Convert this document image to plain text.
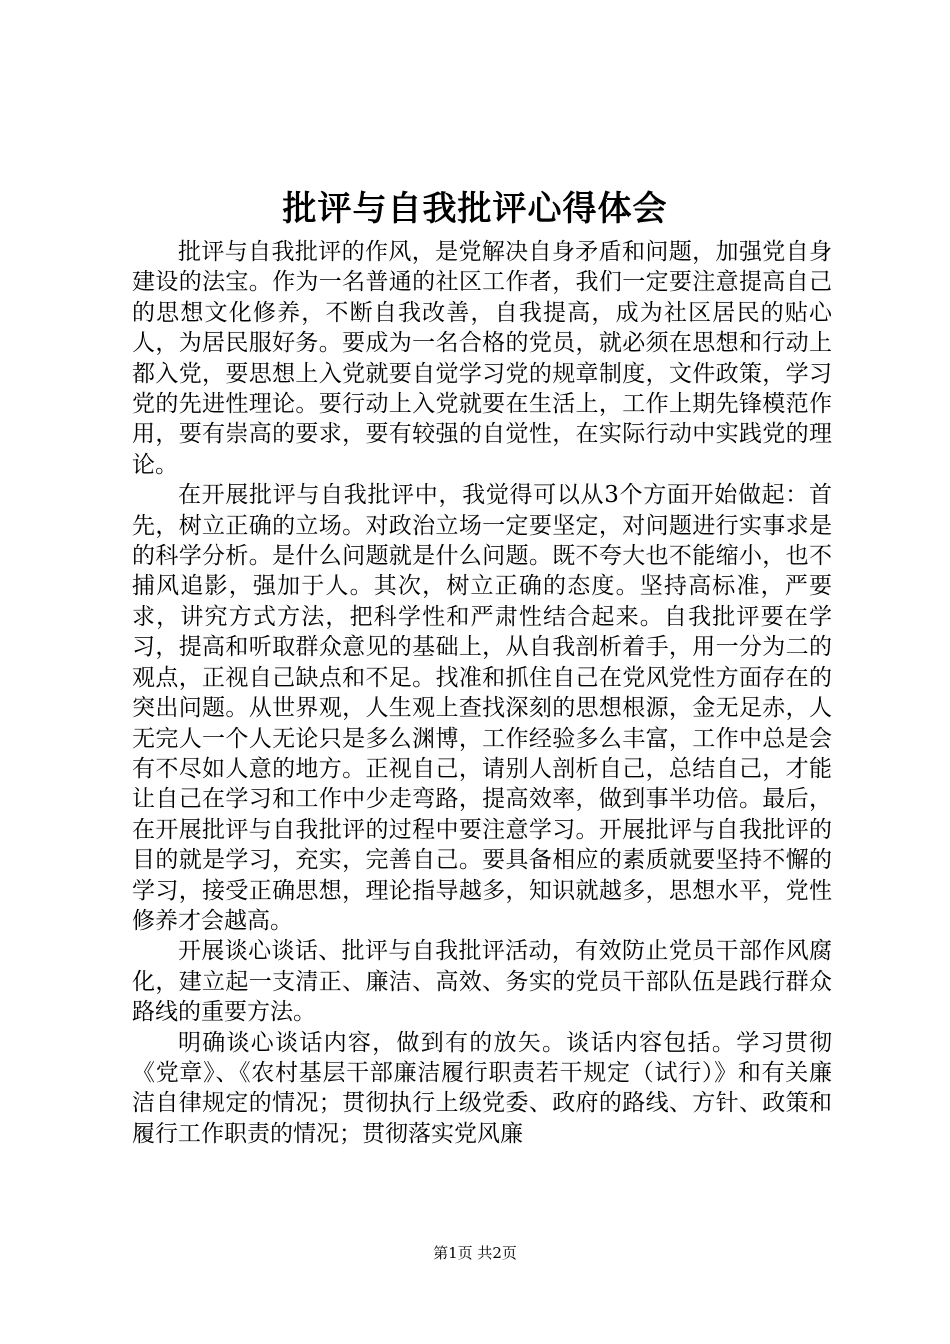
批评与自我批评心得体会

批评与自我批评的作风，是党解决自身矛盾和问题，加强党自身建设的法宝。作为一名普通的社区工作者，我们一定要注意提高自己的思想文化修养，不断自我改善，自我提高，成为社区居民的贴心人，为居民服好务。要成为一名合格的党员，就必须在思想和行动上都入党，要思想上入党就要自觉学习党的规章制度，文件政策，学习党的先进性理论。要行动上入党就要在生活上，工作上期先锋模范作用，要有崇高的要求，要有较强的自觉性，在实际行动中实践党的理论。

在开展批评与自我批评中，我觉得可以从3个方面开始做起：首先，树立正确的立场。对政治立场一定要坚定，对问题进行实事求是的科学分析。是什么问题就是什么问题。既不夸大也不能缩小，也不捕风追影，强加于人。其次，树立正确的态度。坚持高标准，严要求，讲究方式方法，把科学性和严肃性结合起来。自我批评要在学习，提高和听取群众意见的基础上，从自我剖析着手，用一分为二的观点，正视自己缺点和不足。找准和抓住自己在党风党性方面存在的突出问题。从世界观，人生观上查找深刻的思想根源，金无足赤，人无完人一个人无论只是多么渊博，工作经验多么丰富，工作中总是会有不尽如人意的地方。正视自己，请别人剖析自己，总结自己，才能让自己在学习和工作中少走弯路，提高效率，做到事半功倍。最后，在开展批评与自我批评的过程中要注意学习。开展批评与自我批评的目的就是学习，充实，完善自己。要具备相应的素质就要坚持不懈的学习，接受正确思想，理论指导越多，知识就越多，思想水平，党性修养才会越高。

开展谈心谈话、批评与自我批评活动，有效防止党员干部作风腐化，建立起一支清正、廉洁、高效、务实的党员干部队伍是践行群众路线的重要方法。

明确谈心谈话内容，做到有的放矢。谈话内容包括。学习贯彻《党章》、《农村基层干部廉洁履行职责若干规定（试行）》和有关廉洁自律规定的情况；贯彻执行上级党委、政府的路线、方针、政策和履行工作职责的情况；贯彻落实党风廉

第1页 共2页
